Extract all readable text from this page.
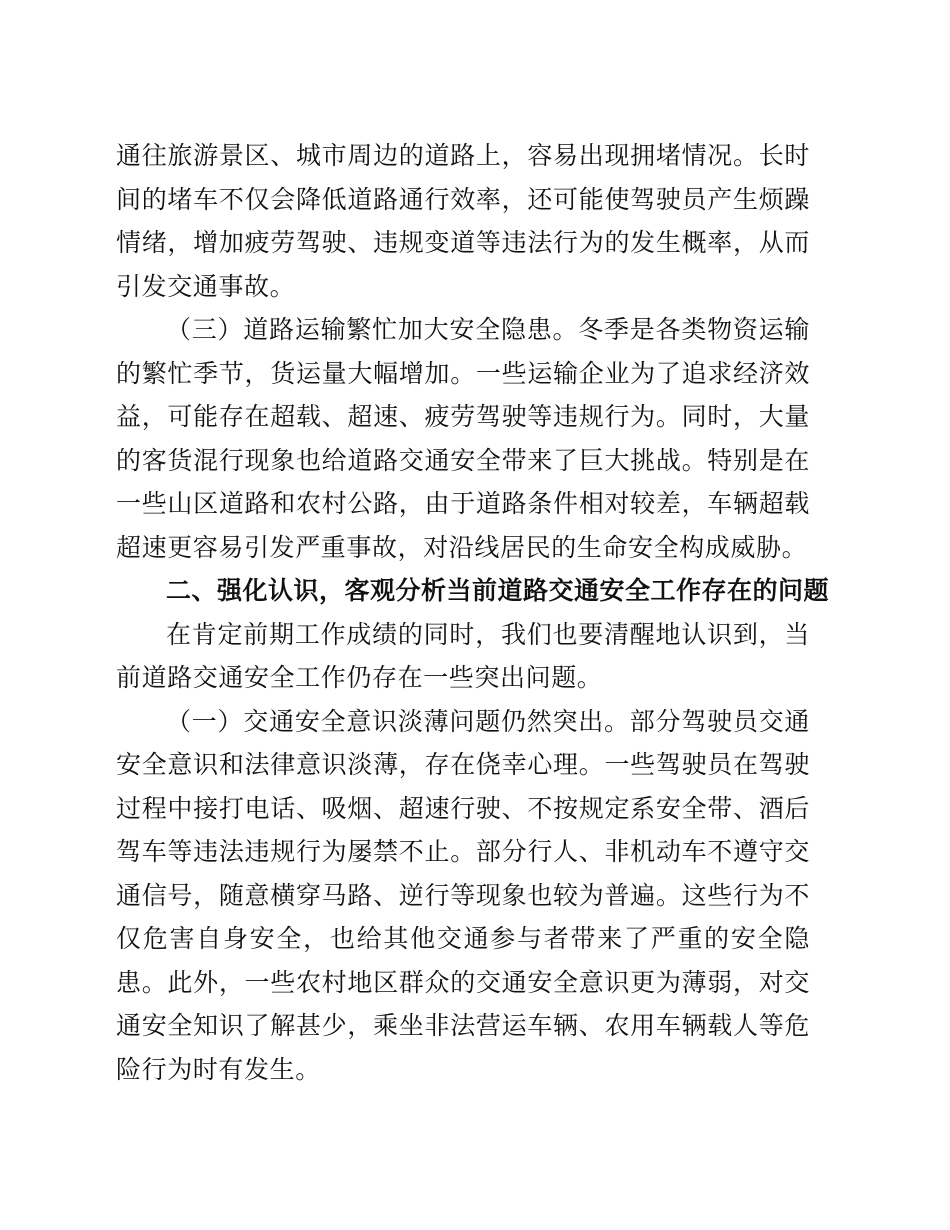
通往旅游景区、城市周边的道路上，容易出现拥堵情况。长时间的堵车不仅会降低道路通行效率，还可能使驾驶员产生烦躁情绪，增加疲劳驾驶、违规变道等违法行为的发生概率，从而引发交通事故。

（三）道路运输繁忙加大安全隐患。冬季是各类物资运输的繁忙季节，货运量大幅增加。一些运输企业为了追求经济效益，可能存在超载、超速、疲劳驾驶等违规行为。同时，大量的客货混行现象也给道路交通安全带来了巨大挑战。特别是在一些山区道路和农村公路，由于道路条件相对较差，车辆超载超速更容易引发严重事故，对沿线居民的生命安全构成威胁。

二、强化认识，客观分析当前道路交通安全工作存在的问题

在肯定前期工作成绩的同时，我们也要清醒地认识到，当前道路交通安全工作仍存在一些突出问题。

（一）交通安全意识淡薄问题仍然突出。部分驾驶员交通安全意识和法律意识淡薄，存在侥幸心理。一些驾驶员在驾驶过程中接打电话、吸烟、超速行驶、不按规定系安全带、酒后驾车等违法违规行为屡禁不止。部分行人、非机动车不遵守交通信号，随意横穿马路、逆行等现象也较为普遍。这些行为不仅危害自身安全，也给其他交通参与者带来了严重的安全隐患。此外，一些农村地区群众的交通安全意识更为薄弱，对交通安全知识了解甚少，乘坐非法营运车辆、农用车辆载人等危险行为时有发生。
